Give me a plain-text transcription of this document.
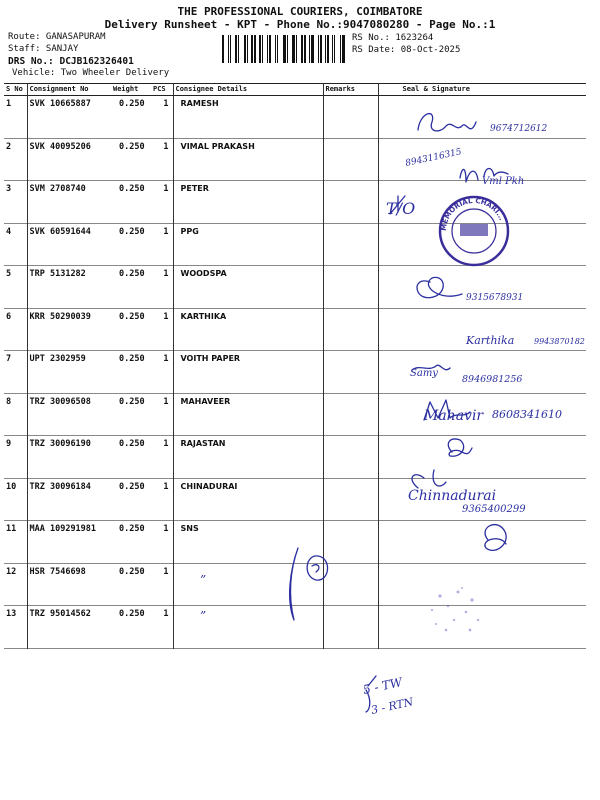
THE PROFESSIONAL COURIERS, COIMBATORE
Delivery Runsheet - KPT - Phone No.:9047080280 - Page No.:1
Route: GANASAPURAM
Staff: SANJAY
DRS No.: DCJB162326401
Vehicle: Two Wheeler Delivery
RS No.: 1623264
RS Date: 08-Oct-2025
S No	Consignment No	Weight	PCS	Consignee Details	Remarks	Seal & Signature
1	SVK 10665887	0.250	1	RAMESH		
2	SVK 40095206	0.250	1	VIMAL PRAKASH		
3	SVM 2708740	0.250	1	PETER		
4	SVK 60591644	0.250	1	PPG		
5	TRP 5131282	0.250	1	WOODSPA		
6	KRR 50290039	0.250	1	KARTHIKA		
7	UPT 2302959	0.250	1	VOITH PAPER		
8	TRZ 30096508	0.250	1	MAHAVEER		
9	TRZ 30096190	0.250	1	RAJASTAN		
10	TRZ 30096184	0.250	1	CHINADURAI		
11	MAA 109291981	0.250	1	SNS		
12	HSR 7546698	0.250	1			
13	TRZ 95014562	0.250	1			
9674712612
8943116315
Vml Pkh
T/O
9315678931
Karthika 9943870182
Samy
8946981256
Mahavir 8608341610
Chinnadurai
9365400299
”
”
5 - TW
3 - RTN
MEMORIAL CHARI...
